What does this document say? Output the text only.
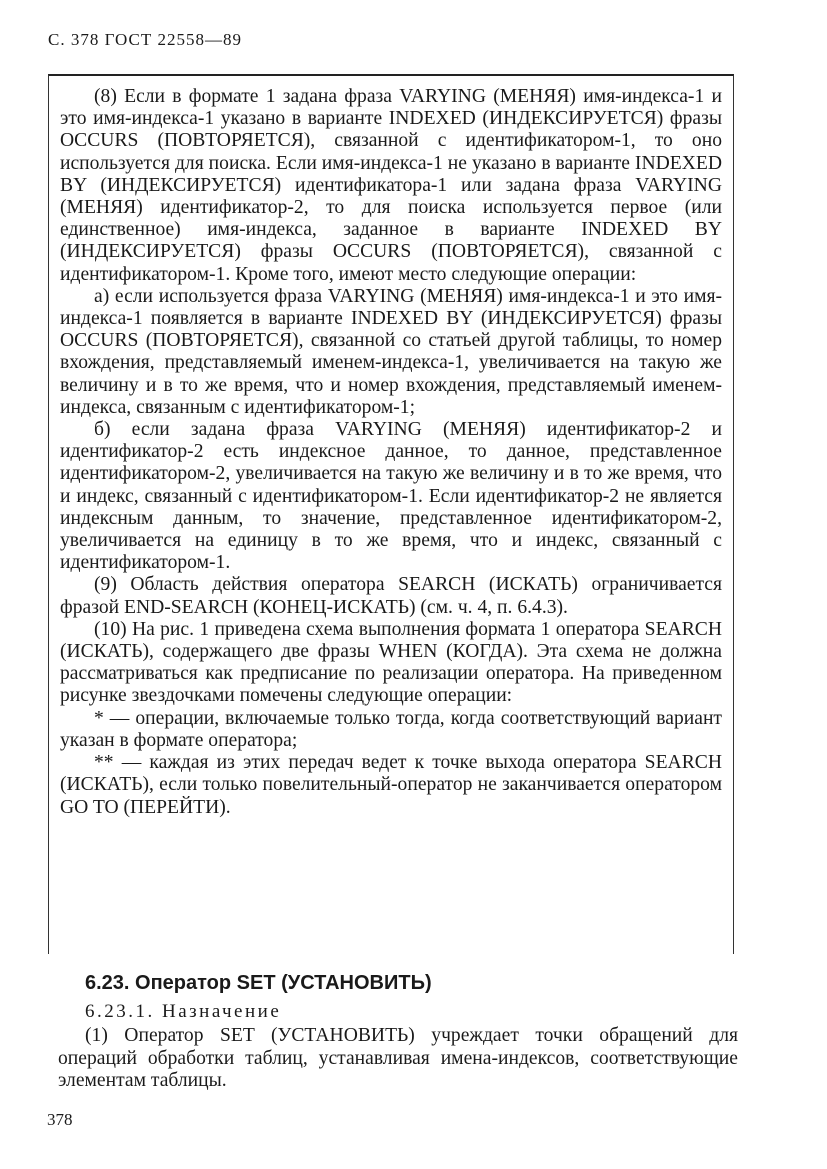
С. 378 ГОСТ 22558—89

(8) Если в формате 1 задана фраза VARYING (МЕНЯЯ) имя-индекса-1 и это имя-индекса-1 указано в варианте INDEXED (ИНДЕКСИРУЕТСЯ) фразы OCCURS (ПОВТОРЯЕТСЯ), связанной с идентификатором-1, то оно используется для поиска. Если имя-индекса-1 не указано в варианте INDEXED BY (ИНДЕКСИРУЕТСЯ) идентификатора-1 или задана фраза VARYING (МЕНЯЯ) идентификатор-2, то для поиска используется первое (или единственное) имя-индекса, заданное в варианте INDEXED BY (ИНДЕКСИРУЕТСЯ) фразы OCCURS (ПОВТОРЯЕТСЯ), связанной с идентификатором-1. Кроме того, имеют место следующие операции:

а) если используется фраза VARYING (МЕНЯЯ) имя-индекса-1 и это имя-индекса-1 появляется в варианте INDEXED BY (ИНДЕКСИРУЕТСЯ) фразы OCCURS (ПОВТОРЯЕТСЯ), связанной со статьей другой таблицы, то номер вхождения, представляемый именем-индекса-1, увеличивается на такую же величину и в то же время, что и номер вхождения, представляемый именем-индекса, связанным с идентификатором-1;

б) если задана фраза VARYING (МЕНЯЯ) идентификатор-2 и идентификатор-2 есть индексное данное, то данное, представленное идентификатором-2, увеличивается на такую же величину и в то же время, что и индекс, связанный с идентификатором-1. Если идентификатор-2 не является индексным данным, то значение, представленное идентификатором-2, увеличивается на единицу в то же время, что и индекс, связанный с идентификатором-1.

(9) Область действия оператора SEARCH (ИСКАТЬ) ограничивается фразой END-SEARCH (КОНЕЦ-ИСКАТЬ) (см. ч. 4, п. 6.4.3).

(10) На рис. 1 приведена схема выполнения формата 1 оператора SEARCH (ИСКАТЬ), содержащего две фразы WHEN (КОГДА). Эта схема не должна рассматриваться как предписание по реализации оператора. На приведенном рисунке звездочками помечены следующие операции:

* — операции, включаемые только тогда, когда соответствующий вариант указан в формате оператора;

** — каждая из этих передач ведет к точке выхода оператора SEARCH (ИСКАТЬ), если только повелительный-оператор не заканчивается оператором GO TO (ПЕРЕЙТИ).

6.23. Оператор SET (УСТАНОВИТЬ)
6.23.1. Назначение

(1) Оператор SET (УСТАНОВИТЬ) учреждает точки обращений для операций обработки таблиц, устанавливая имена-индексов, соответствующие элементам таблицы.

378
